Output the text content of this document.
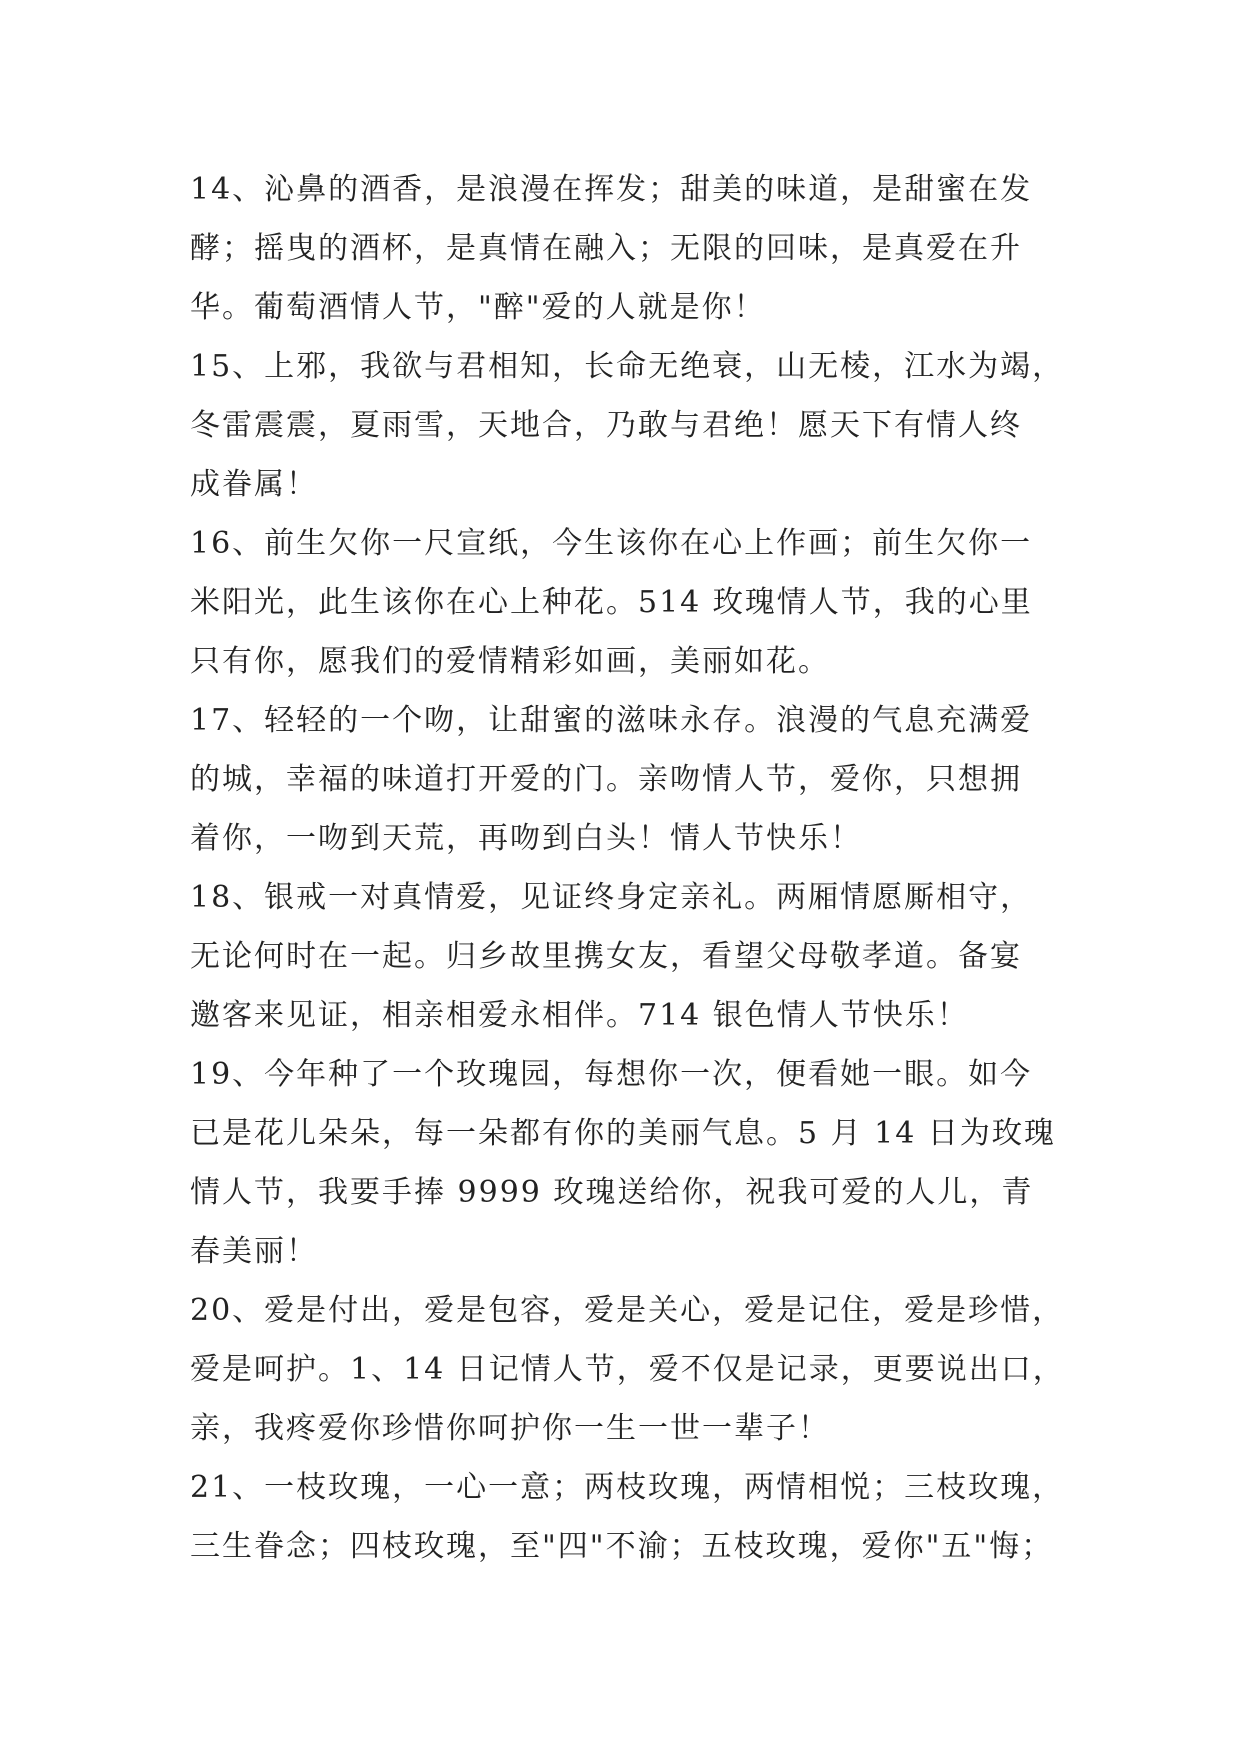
14、沁鼻的酒香，是浪漫在挥发；甜美的味道，是甜蜜在发
酵；摇曳的酒杯，是真情在融入；无限的回味，是真爱在升
华。葡萄酒情人节，"醉"爱的人就是你！
15、上邪，我欲与君相知，长命无绝衰，山无棱，江水为竭，
冬雷震震，夏雨雪，天地合，乃敢与君绝！愿天下有情人终
成眷属！
16、前生欠你一尺宣纸，今生该你在心上作画；前生欠你一
米阳光，此生该你在心上种花。514 玫瑰情人节，我的心里
只有你，愿我们的爱情精彩如画，美丽如花。
17、轻轻的一个吻，让甜蜜的滋味永存。浪漫的气息充满爱
的城，幸福的味道打开爱的门。亲吻情人节，爱你，只想拥
着你，一吻到天荒，再吻到白头！情人节快乐！
18、银戒一对真情爱，见证终身定亲礼。两厢情愿厮相守，
无论何时在一起。归乡故里携女友，看望父母敬孝道。备宴
邀客来见证，相亲相爱永相伴。714 银色情人节快乐！
19、今年种了一个玫瑰园，每想你一次，便看她一眼。如今
已是花儿朵朵，每一朵都有你的美丽气息。5 月 14 日为玫瑰
情人节，我要手捧 9999 玫瑰送给你，祝我可爱的人儿，青
春美丽！
20、爱是付出，爱是包容，爱是关心，爱是记住，爱是珍惜，
爱是呵护。1、14 日记情人节，爱不仅是记录，更要说出口，
亲，我疼爱你珍惜你呵护你一生一世一辈子！
21、一枝玫瑰，一心一意；两枝玫瑰，两情相悦；三枝玫瑰，
三生眷念；四枝玫瑰，至"四"不渝；五枝玫瑰，爱你"五"悔；
